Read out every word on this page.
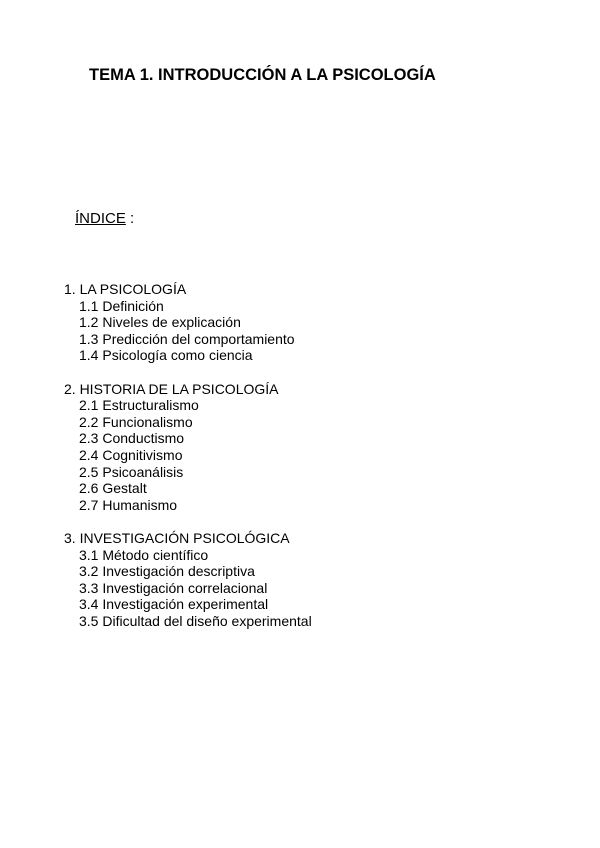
TEMA 1. INTRODUCCIÓN A LA PSICOLOGÍA
ÍNDICE :
1. LA PSICOLOGÍA
1.1 Definición
1.2 Niveles de explicación
1.3 Predicción del comportamiento
1.4 Psicología como ciencia
2. HISTORIA DE LA PSICOLOGÍA
2.1 Estructuralismo
2.2 Funcionalismo
2.3 Conductismo
2.4 Cognitivismo
2.5 Psicoanálisis
2.6 Gestalt
2.7 Humanismo
3. INVESTIGACIÓN PSICOLÓGICA
3.1 Método científico
3.2 Investigación descriptiva
3.3 Investigación correlacional
3.4 Investigación experimental
3.5 Dificultad del diseño experimental
